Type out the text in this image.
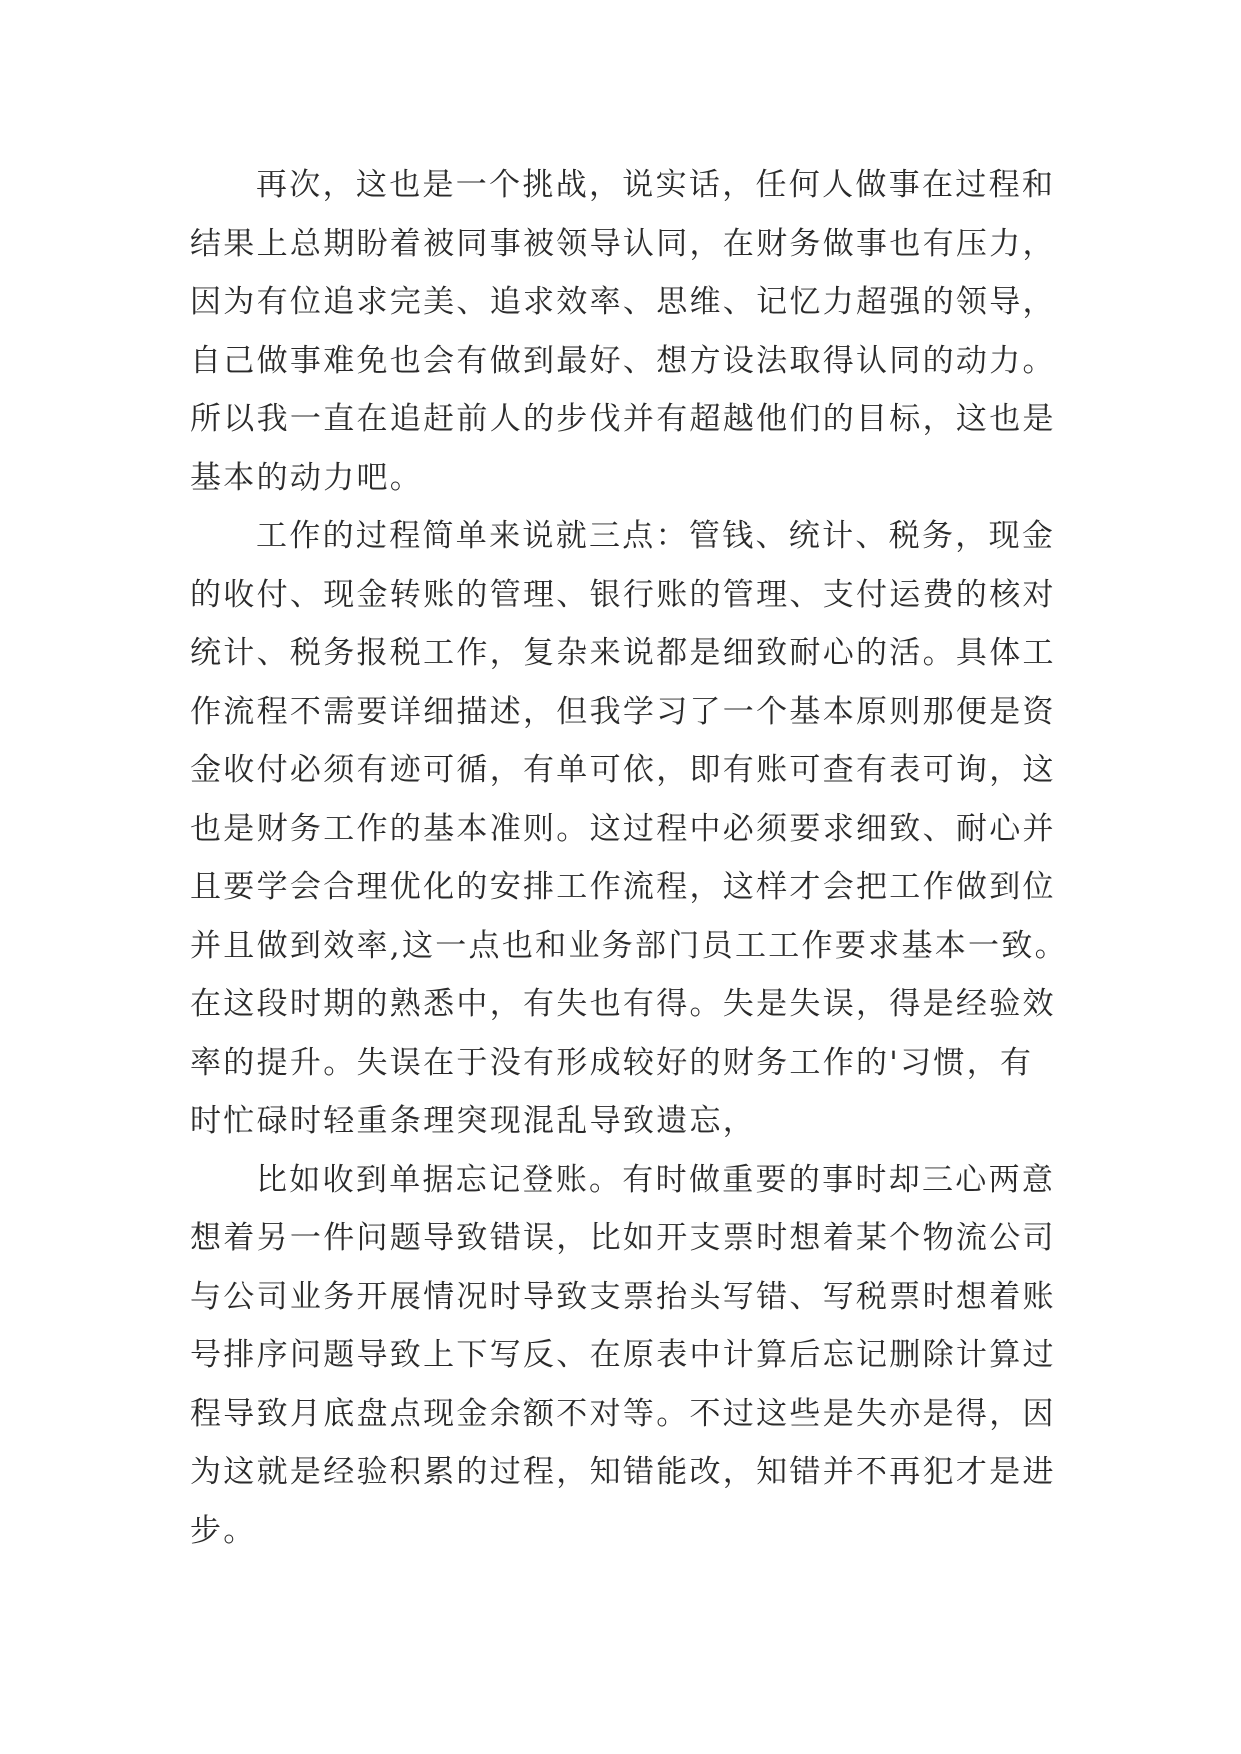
再次，这也是一个挑战，说实话，任何人做事在过程和
结果上总期盼着被同事被领导认同，在财务做事也有压力，
因为有位追求完美、追求效率、思维、记忆力超强的领导，
自己做事难免也会有做到最好、想方设法取得认同的动力。
所以我一直在追赶前人的步伐并有超越他们的目标，这也是
基本的动力吧。
工作的过程简单来说就三点：管钱、统计、税务，现金
的收付、现金转账的管理、银行账的管理、支付运费的核对
统计、税务报税工作，复杂来说都是细致耐心的活。具体工
作流程不需要详细描述，但我学习了一个基本原则那便是资
金收付必须有迹可循，有单可依，即有账可查有表可询，这
也是财务工作的基本准则。这过程中必须要求细致、耐心并
且要学会合理优化的安排工作流程，这样才会把工作做到位
并且做到效率,这一点也和业务部门员工工作要求基本一致。
在这段时期的熟悉中，有失也有得。失是失误，得是经验效
率的提升。失误在于没有形成较好的财务工作的'习惯，有
时忙碌时轻重条理突现混乱导致遗忘，
比如收到单据忘记登账。有时做重要的事时却三心两意
想着另一件问题导致错误，比如开支票时想着某个物流公司
与公司业务开展情况时导致支票抬头写错、写税票时想着账
号排序问题导致上下写反、在原表中计算后忘记删除计算过
程导致月底盘点现金余额不对等。不过这些是失亦是得，因
为这就是经验积累的过程，知错能改，知错并不再犯才是进
步。
